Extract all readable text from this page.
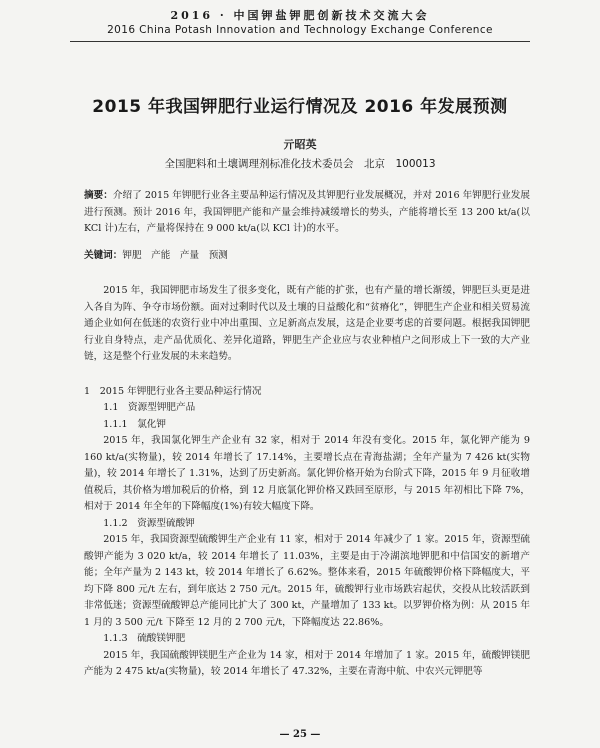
2016 · 中国钾盐钾肥创新技术交流大会
2016 China Potash Innovation and Technology Exchange Conference
2015 年我国钾肥行业运行情况及 2016 年发展预测
亓昭英
全国肥料和土壤调理剂标准化技术委员会　北京　100013
摘要：介绍了 2015 年钾肥行业各主要品种运行情况及其钾肥行业发展概况，并对 2016 年钾肥行业发展进行预测。预计 2016 年，我国钾肥产能和产量会维持减缓增长的势头，产能将增长至 13 200 kt/a(以 KCl 计)左右，产量将保持在 9 000 kt/a(以 KCl 计)的水平。
关键词：钾肥　产能　产量　预测

2015 年，我国钾肥市场发生了很多变化，既有产能的扩张，也有产量的增长渐缓，钾肥巨头更是进入各自为阵、争夺市场份额。面对过剩时代以及土壤的日益酸化和“贫瘠化”，钾肥生产企业和相关贸易流通企业如何在低迷的农资行业中冲出重围、立足新高点发展，这是企业要考虑的首要问题。根据我国钾肥行业自身特点，走产品优质化、差异化道路，钾肥生产企业应与农业种植户之间形成上下一致的大产业链，这是整个行业发展的未来趋势。

1　2015 年钾肥行业各主要品种运行情况
1.1　资源型钾肥产品
1.1.1　氯化钾

2015 年，我国氯化钾生产企业有 32 家，相对于 2014 年没有变化。2015 年，氯化钾产能为 9 160 kt/a(实物量)，较 2014 年增长了 17.14%，主要增长点在青海盐湖；全年产量为 7 426 kt(实物量)，较 2014 年增长了 1.31%，达到了历史新高。氯化钾价格开始为台阶式下降，2015 年 9 月征收增值税后，其价格为增加税后的价格，到 12 月底氯化钾价格又跌回至原形，与 2015 年初相比下降 7%，相对于 2014 年全年的下降幅度(1%)有较大幅度下降。

1.1.2　资源型硫酸钾

2015 年，我国资源型硫酸钾生产企业有 11 家，相对于 2014 年减少了 1 家。2015 年，资源型硫酸钾产能为 3 020 kt/a，较 2014 年增长了 11.03%，主要是由于冷湖滨地钾肥和中信国安的新增产能；全年产量为 2 143 kt，较 2014 年增长了 6.62%。整体来看，2015 年硫酸钾价格下降幅度大，平均下降 800 元/t 左右，到年底达 2 750 元/t。2015 年，硫酸钾行业市场跌宕起伏，交投从比较活跃到非常低迷；资源型硫酸钾总产能同比扩大了 300 kt，产量增加了 133 kt。以罗钾价格为例：从 2015 年 1 月的 3 500 元/t 下降至 12 月的 2 700 元/t，下降幅度达 22.86%。

1.1.3　硫酸镁钾肥

2015 年，我国硫酸钾镁肥生产企业为 14 家，相对于 2014 年增加了 1 家。2015 年，硫酸钾镁肥产能为 2 475 kt/a(实物量)，较 2014 年增长了 47.32%，主要在青海中航、中农兴元钾肥等

— 25 —
